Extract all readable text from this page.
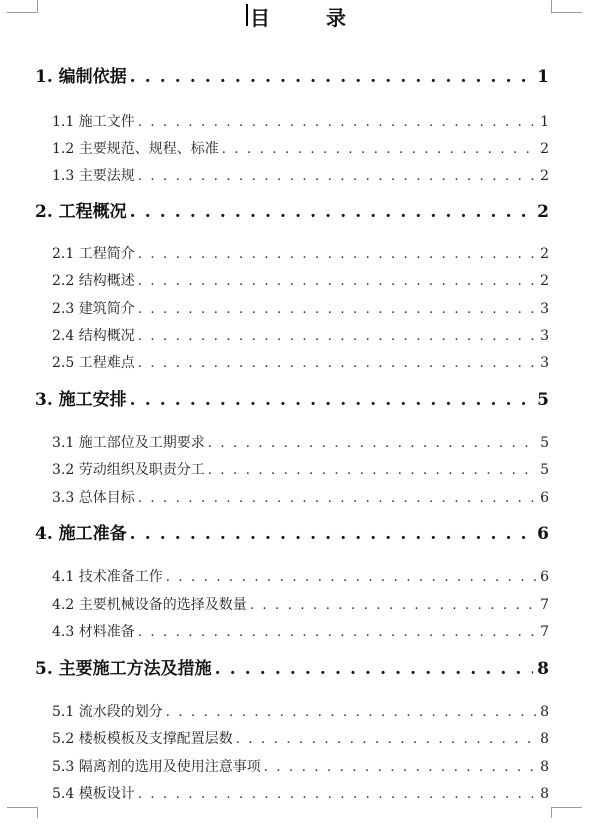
目	录
1. 编制依据 . . .	1
1.1 施工文件 . . .	1
1.2 主要规范、规程、标准 . . .	2
1.3 主要法规 . . .	2
2. 工程概况 . . .	2
2.1 工程简介 . . .	2
2.2 结构概述 . . .	2
2.3 建筑简介 . . .	3
2.4 结构概况 . . .	3
2.5 工程难点 . . .	3
3. 施工安排 . . .	5
3.1 施工部位及工期要求 . . .	5
3.2 劳动组织及职责分工 . . .	5
3.3 总体目标 . . .	6
4. 施工准备 . . .	6
4.1 技术准备工作 . . .	6
4.2 主要机械设备的选择及数量 . . .	7
4.3 材料准备 . . .	7
5. 主要施工方法及措施 . . .	8
5.1 流水段的划分 . . .	8
5.2 楼板模板及支撑配置层数 . . .	8
5.3 隔离剂的选用及使用注意事项 . . .	8
5.4 模板设计 . . .	8
